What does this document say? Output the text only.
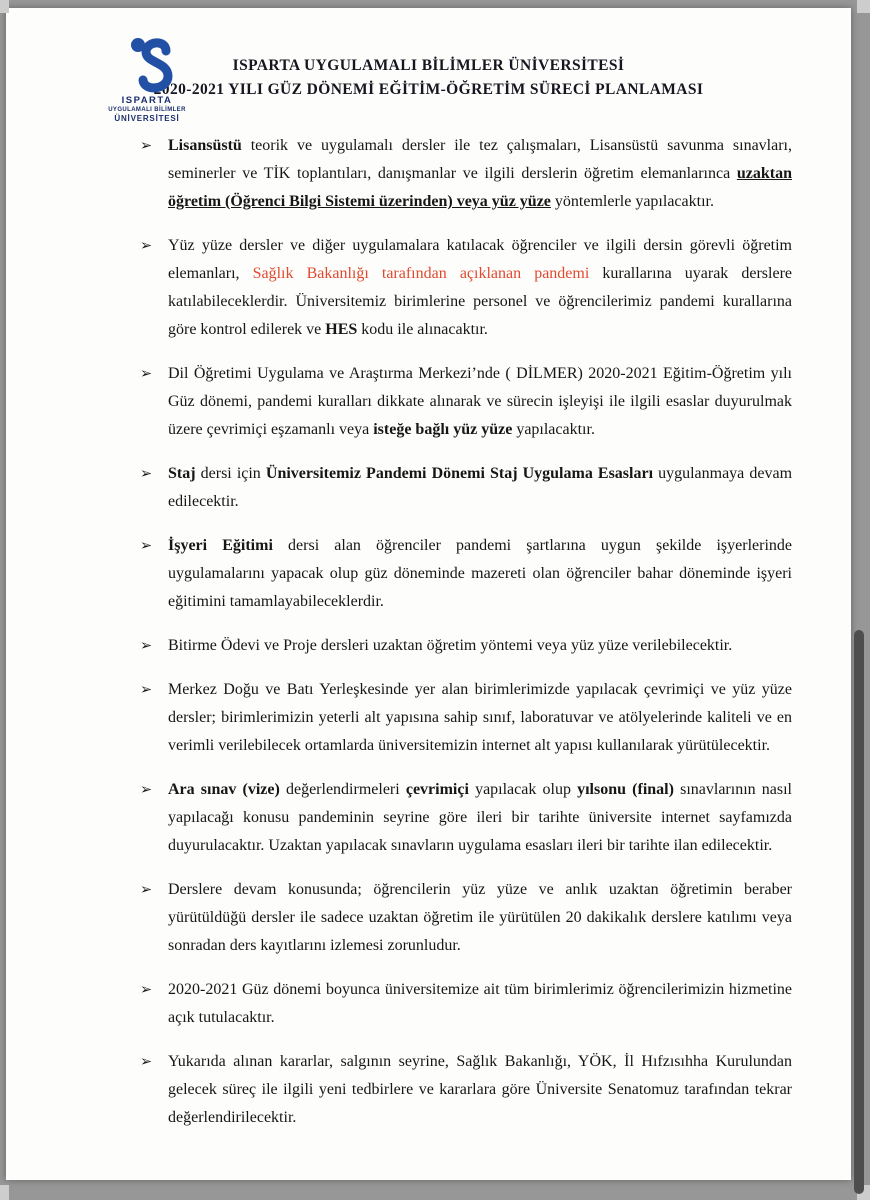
ISPARTA
UYGULAMALI BİLİMLER
ÜNİVERSİTESİ
ISPARTA UYGULAMALI BİLİMLER ÜNİVERSİTESİ
2020-2021 YILI GÜZ DÖNEMİ EĞİTİM-ÖĞRETİM SÜRECİ PLANLAMASI
➢ Lisansüstü teorik ve uygulamalı dersler ile tez çalışmaları, Lisansüstü savunma sınavları, seminerler ve TİK toplantıları, danışmanlar ve ilgili derslerin öğretim elemanlarınca uzaktan öğretim (Öğrenci Bilgi Sistemi üzerinden) veya yüz yüze yöntemlerle yapılacaktır.
➢ Yüz yüze dersler ve diğer uygulamalara katılacak öğrenciler ve ilgili dersin görevli öğretim elemanları, Sağlık Bakanlığı tarafından açıklanan pandemi kurallarına uyarak derslere katılabileceklerdir. Üniversitemiz birimlerine personel ve öğrencilerimiz pandemi kurallarına göre kontrol edilerek ve HES kodu ile alınacaktır.
➢ Dil Öğretimi Uygulama ve Araştırma Merkezi’nde ( DİLMER) 2020-2021 Eğitim-Öğretim yılı Güz dönemi, pandemi kuralları dikkate alınarak ve sürecin işleyişi ile ilgili esaslar duyurulmak üzere çevrimiçi eşzamanlı veya isteğe bağlı yüz yüze yapılacaktır.
➢ Staj dersi için Üniversitemiz Pandemi Dönemi Staj Uygulama Esasları uygulanmaya devam edilecektir.
➢ İşyeri Eğitimi dersi alan öğrenciler pandemi şartlarına uygun şekilde işyerlerinde uygulamalarını yapacak olup güz döneminde mazereti olan öğrenciler bahar döneminde işyeri eğitimini tamamlayabileceklerdir.
➢ Bitirme Ödevi ve Proje dersleri uzaktan öğretim yöntemi veya yüz yüze verilebilecektir.
➢ Merkez Doğu ve Batı Yerleşkesinde yer alan birimlerimizde yapılacak çevrimiçi ve yüz yüze dersler; birimlerimizin yeterli alt yapısına sahip sınıf, laboratuvar ve atölyelerinde kaliteli ve en verimli verilebilecek ortamlarda üniversitemizin internet alt yapısı kullanılarak yürütülecektir.
➢ Ara sınav (vize) değerlendirmeleri çevrimiçi yapılacak olup yılsonu (final) sınavlarının nasıl yapılacağı konusu pandeminin seyrine göre ileri bir tarihte üniversite internet sayfamızda duyurulacaktır. Uzaktan yapılacak sınavların uygulama esasları ileri bir tarihte ilan edilecektir.
➢ Derslere devam konusunda; öğrencilerin yüz yüze ve anlık uzaktan öğretimin beraber yürütüldüğü dersler ile sadece uzaktan öğretim ile yürütülen 20 dakikalık derslere katılımı veya sonradan ders kayıtlarını izlemesi zorunludur.
➢ 2020-2021 Güz dönemi boyunca üniversitemize ait tüm birimlerimiz öğrencilerimizin hizmetine açık tutulacaktır.
➢ Yukarıda alınan kararlar, salgının seyrine, Sağlık Bakanlığı, YÖK, İl Hıfzısıhha Kurulundan gelecek süreç ile ilgili yeni tedbirlere ve kararlara göre Üniversite Senatomuz tarafından tekrar değerlendirilecektir.
